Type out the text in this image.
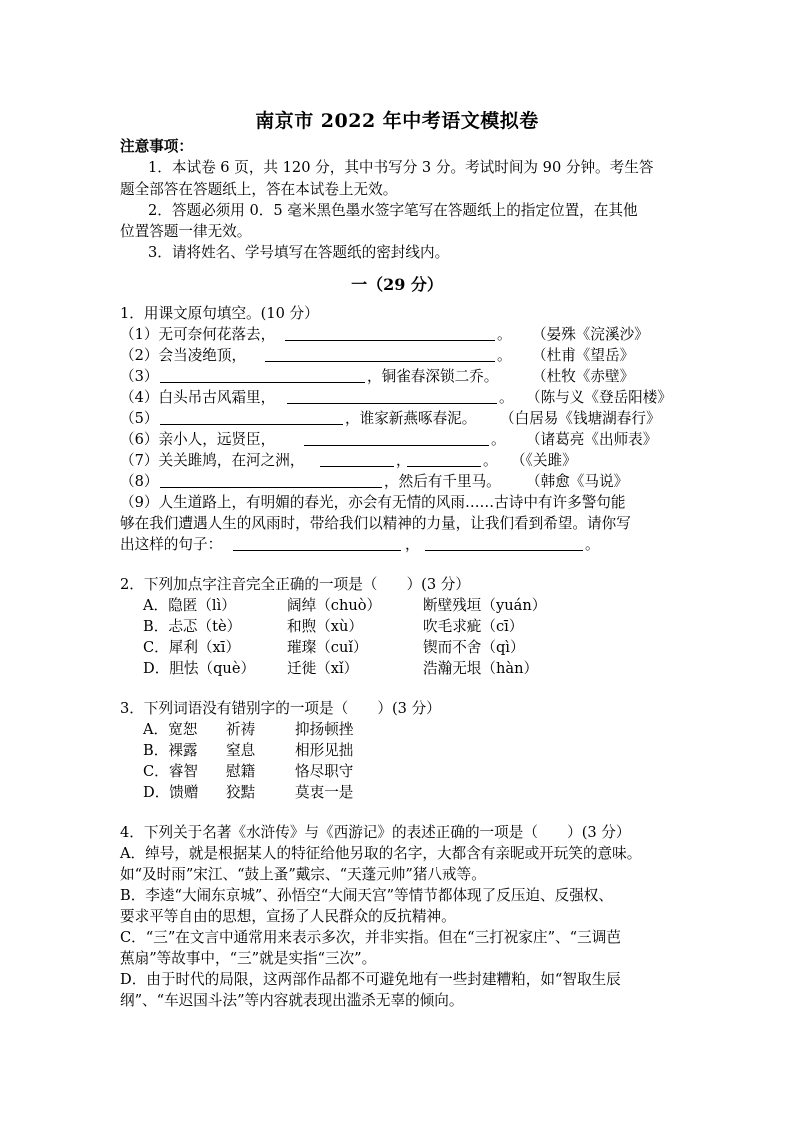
南京市 2022 年中考语文模拟卷
注意事项：
1．本试卷 6 页，共 120 分，其中书写分 3 分。考试时间为 90 分钟。考生答
题全部答在答题纸上，答在本试卷上无效。
2．答题必须用 0．5 毫米黑色墨水签字笔写在答题纸上的指定位置，在其他
位置答题一律无效。
3．请将姓名、学号填写在答题纸的密封线内。
一（29 分）
1．用课文原句填空。(10 分）
（1）无可奈何花落去，	。 （晏殊《浣溪沙》
（2）会当凌绝顶，	。 （杜甫《望岳》
（3）	，铜雀春深锁二乔。 （杜牧《赤壁》
（4）白头吊古风霜里，	。 （陈与义《登岳阳楼》
（5）	，谁家新燕啄春泥。 （白居易《钱塘湖春行》
（6）亲小人，远贤臣，	。 （诸葛亮《出师表》
（7）关关雎鸠，在河之洲，	，	。 （《关雎》
（8）	，然后有千里马。 （韩愈《马说》
（9）人生道路上，有明媚的春光，亦会有无情的风雨……古诗中有许多警句能
够在我们遭遇人生的风雨时，带给我们以精神的力量，让我们看到希望。请你写
出这样的句子：	，	。
2．下列加点字注音完全正确的一项是（　　）(3 分）
A．隐匿（lì）	阔绰（chuò）	断壁残垣（yuán）
B．忐忑（tè）	和煦（xù）	吹毛求疵（cī）
C．犀利（xī）	璀璨（cuǐ）	锲而不舍（qì）
D．胆怯（què） 迁徙（xǐ）	浩瀚无垠（hàn）
3．下列词语没有错别字的一项是（　　）(3 分）
A．宽恕 祈祷	抑扬顿挫
B．裸露 窒息	相形见拙
C．睿智 慰籍	恪尽职守
D．馈赠 狡黠	莫衷一是
4．下列关于名著《水浒传》与《西游记》的表述正确的一项是（　　）(3 分）
A．绰号，就是根据某人的特征给他另取的名字，大都含有亲昵或开玩笑的意味。
如“及时雨”宋江、“鼓上蚤”戴宗、“天蓬元帅”猪八戒等。
B．李逵“大闹东京城”、孙悟空“大闹天宫”等情节都体现了反压迫、反强权、
要求平等自由的思想，宣扬了人民群众的反抗精神。
C．“三”在文言中通常用来表示多次，并非实指。但在“三打祝家庄”、“三调芭
蕉扇”等故事中，“三”就是实指“三次”。
D．由于时代的局限，这两部作品都不可避免地有一些封建糟粕，如“智取生辰
纲”、“车迟国斗法”等内容就表现出滥杀无辜的倾向。
